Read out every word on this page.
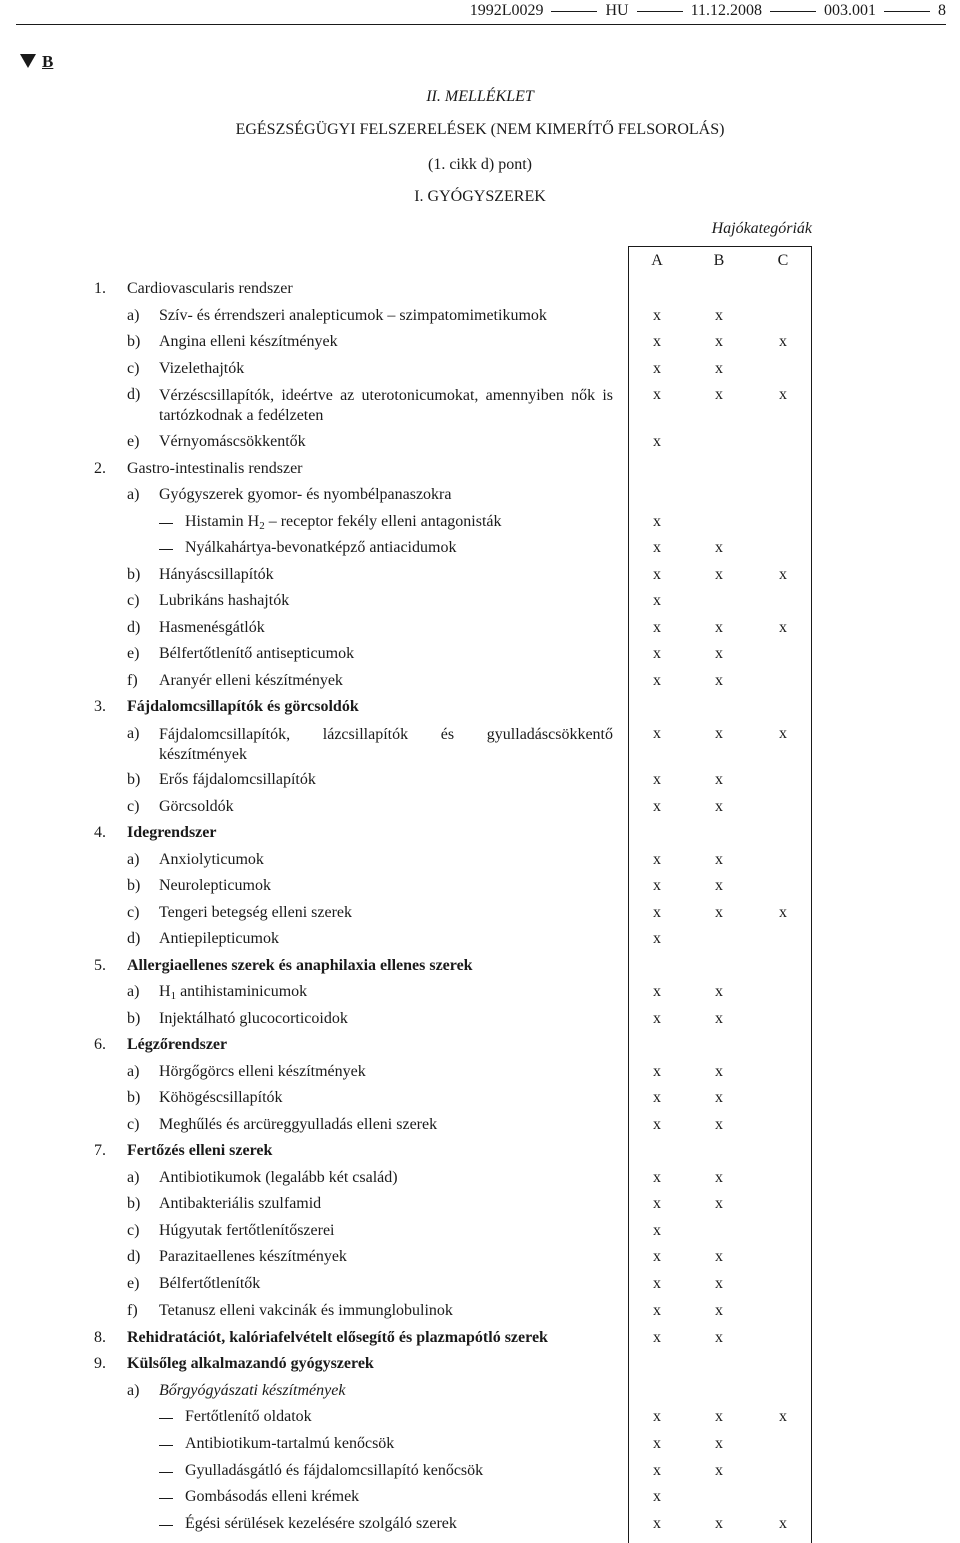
1992L0029	HU	11.12.2008	003.001	8
B
II. MELLÉKLET
EGÉSZSÉGÜGYI FELSZERELÉSEK (NEM KIMERÍTŐ FELSOROLÁS)
(1. cikk d) pont)
I. GYÓGYSZEREK
Hajókategóriák
A	B	C
1.	Cardiovascularis rendszer
a)	Szív- és érrendszeri analepticumok – szimpatomimetikumok	x	x
b)	Angina elleni készítmények	x	x	x
c)	Vizelethajtók	x	x
d)	Vérzéscsillapítók, ideértve az uterotonicumokat, amennyiben nők is tartózkodnak a fedélzeten
x	x	x
e)	Vérnyomáscsökkentők	x
2.	Gastro-intestinalis rendszer
a)	Gyógyszerek gyomor- és nyombélpanaszokra
Histamin $H_2$ – receptor fekély elleni antagonisták	x
Nyálkahártya-bevonatképző antiacidumok	x	x
b)	Hányáscsillapítók	x	x	x
c)	Lubrikáns hashajtók	x
d)	Hasmenésgátlók	x	x	x
e)	Bélfertőtlenítő antisepticumok	x	x
f)	Aranyér elleni készítmények	x	x
3.	Fájdalomcsillapítók és görcsoldók
a)	Fájdalomcsillapítók, lázcsillapítók és gyulladáscsökkentő készítmények
x	x	x
b)	Erős fájdalomcsillapítók	x	x
c)	Görcsoldók	x	x
4.	Idegrendszer
a)	Anxiolyticumok	x	x
b)	Neurolepticumok	x	x
c)	Tengeri betegség elleni szerek	x	x	x
d)	Antiepilepticumok	x
5.	Allergiaellenes szerek és anaphilaxia ellenes szerek
a)	$H_1$ antihistaminicumok	x	x
b)	Injektálható glucocorticoidok	x	x
6.	Légzőrendszer
a)	Hörgőgörcs elleni készítmények	x	x
b)	Köhögéscsillapítók	x	x
c)	Meghűlés és arcüreggyulladás elleni szerek	x	x
7.	Fertőzés elleni szerek
a)	Antibiotikumok (legalább két család)	x	x
b)	Antibakteriális szulfamid	x	x
c)	Húgyutak fertőtlenítőszerei	x
d)	Parazitaellenes készítmények	x	x
e)	Bélfertőtlenítők	x	x
f)	Tetanusz elleni vakcinák és immunglobulinok	x	x
8.	Rehidratációt, kalóriafelvételt elősegítő és plazmapótló szerek	x	x
9.	Külsőleg alkalmazandó gyógyszerek
a)	Bőrgyógyászati készítmények
Fertőtlenítő oldatok	x	x	x
Antibiotikum-tartalmú kenőcsök	x	x
Gyulladásgátló és fájdalomcsillapító kenőcsök	x	x
Gombásodás elleni krémek	x
Égési sérülések kezelésére szolgáló szerek	x	x	x
